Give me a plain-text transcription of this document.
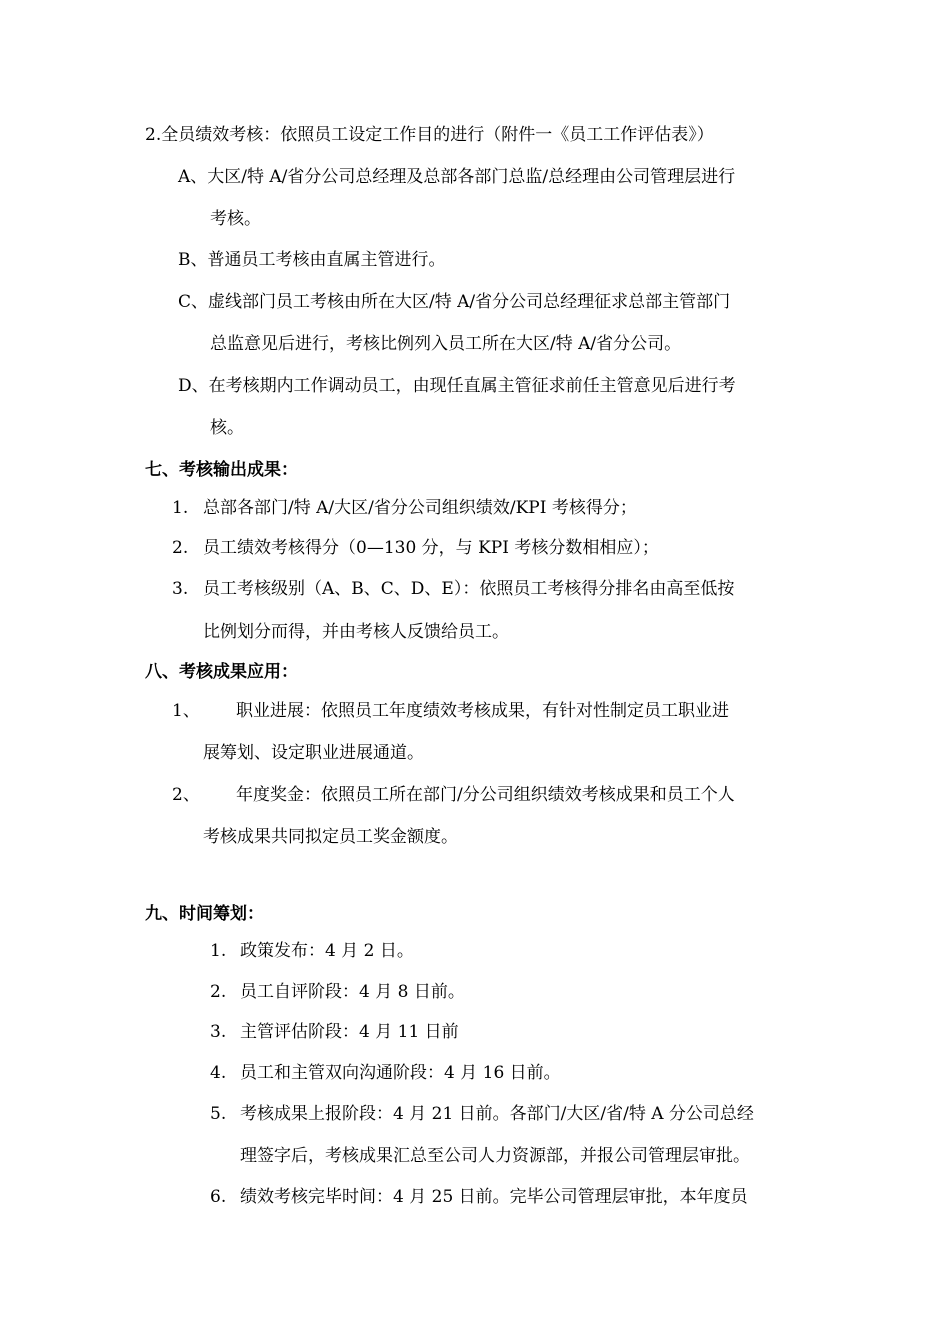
2.全员绩效考核：依照员工设定工作目的进行（附件一《员工工作评估表》）
A、大区/特 A/省分公司总经理及总部各部门总监/总经理由公司管理层进行
考核。
B、普通员工考核由直属主管进行。
C、虚线部门员工考核由所在大区/特 A/省分公司总经理征求总部主管部门
总监意见后进行，考核比例列入员工所在大区/特 A/省分公司。
D、在考核期内工作调动员工，由现任直属主管征求前任主管意见后进行考
核。
七、考核输出成果：
1. 总部各部门/特 A/大区/省分公司组织绩效/KPI 考核得分；
2. 员工绩效考核得分（0—130 分，与 KPI 考核分数相相应）；
3. 员工考核级别（A、B、C、D、E）：依照员工考核得分排名由高至低按
比例划分而得，并由考核人反馈给员工。
八、考核成果应用：
1、 职业进展：依照员工年度绩效考核成果，有针对性制定员工职业进
展筹划、设定职业进展通道。
2、 年度奖金：依照员工所在部门/分公司组织绩效考核成果和员工个人
考核成果共同拟定员工奖金额度。
九、时间筹划：
1. 政策发布：4 月 2 日。
2. 员工自评阶段：4 月 8 日前。
3. 主管评估阶段：4 月 11 日前
4. 员工和主管双向沟通阶段：4 月 16 日前。
5. 考核成果上报阶段：4 月 21 日前。各部门/大区/省/特 A 分公司总经
理签字后，考核成果汇总至公司人力资源部，并报公司管理层审批。
6. 绩效考核完毕时间：4 月 25 日前。完毕公司管理层审批，本年度员
